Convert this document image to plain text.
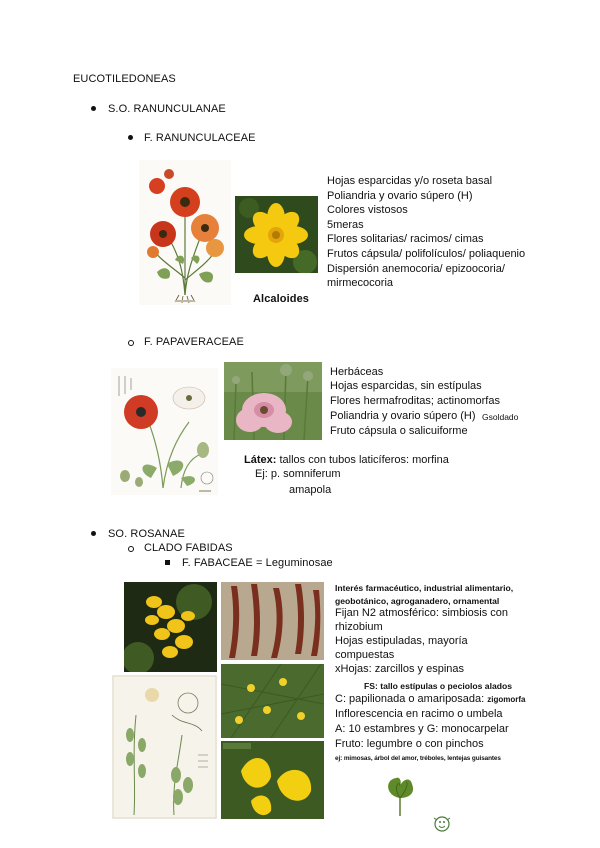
EUCOTILEDONEAS
S.O. RANUNCULANAE
F. RANUNCULACEAE
Alcaloides
Hojas esparcidas y/o roseta basal
Poliandria y ovario súpero (H)
Colores vistosos
5meras
Flores solitarias/ racimos/ cimas
Frutos cápsula/ polifolículos/ poliaquenio
Dispersión anemocoria/ epizoocoria/
mirmecocoria
F. PAPAVERACEAE
Herbáceas
Hojas esparcidas, sin estípulas
Flores hermafroditas; actinomorfas
Poliandria y ovario súpero (H) Gsoldado
Fruto cápsula o salicuiforme
Látex: tallos con tubos laticíferos: morfina
Ej: p. somniferum
amapola
SO. ROSANAE
CLADO FABIDAS
F. FABACEAE = Leguminosae
Interés farmacéutico, industrial alimentario,
geobotánico, agroganadero, ornamental
Fijan N2 atmosférico: simbiosis con
rhizobium
Hojas estipuladas, mayoría
compuestas
xHojas: zarcillos y espinas
FS: tallo estípulas o peciolos alados
C: papilionada o amariposada: zigomorfa
Inflorescencia en racimo o umbela
A: 10 estambres y G: monocarpelar
Fruto: legumbre o con pinchos
ej: mimosas, árbol del amor, tréboles, lentejas guisantes
